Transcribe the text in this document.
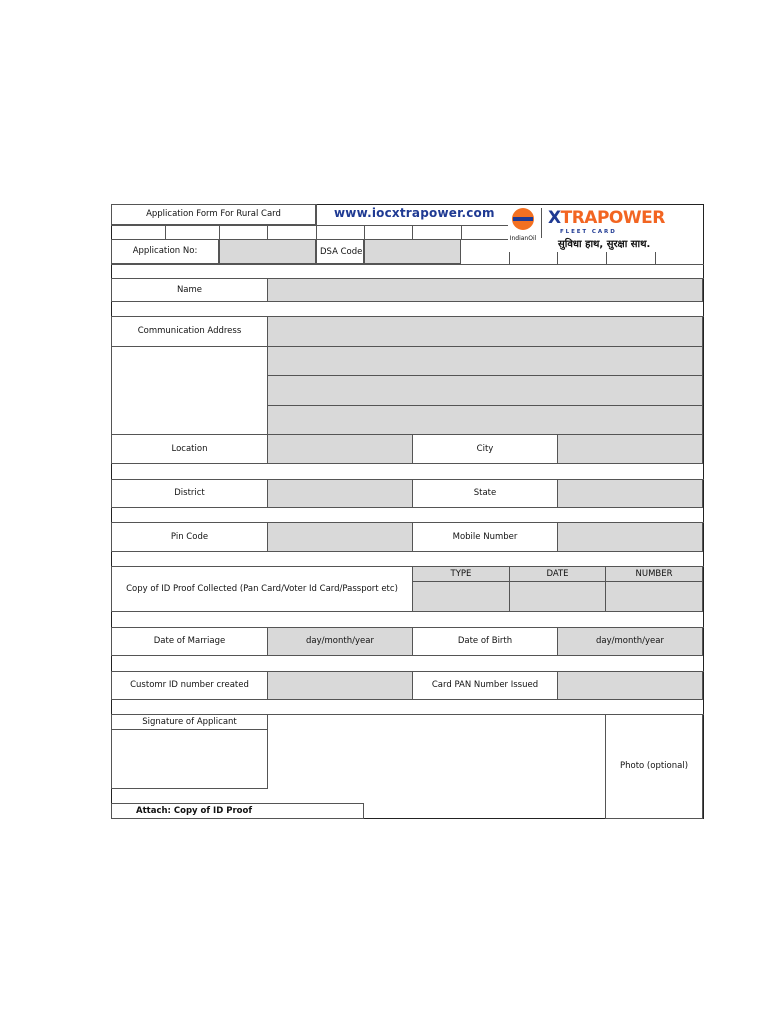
Application Form For Rural Card	www.iocxtrapower.com
IndianOil
XTRAPOWER
F L E E T   C A R D
सुविधा हाथ, सुरक्षा साथ.
Application No:	DSA Code
Name
Communication Address
Location	City
District	State
Pin Code	Mobile Number
Copy of ID Proof Collected (Pan Card/Voter Id Card/Passport etc)
TYPE	DATE	NUMBER
Date of Marriage	day/month/year	Date of Birth	day/month/year
Customr ID number created	Card PAN Number Issued
Signature of Applicant
Photo (optional)
Attach: Copy of ID Proof
